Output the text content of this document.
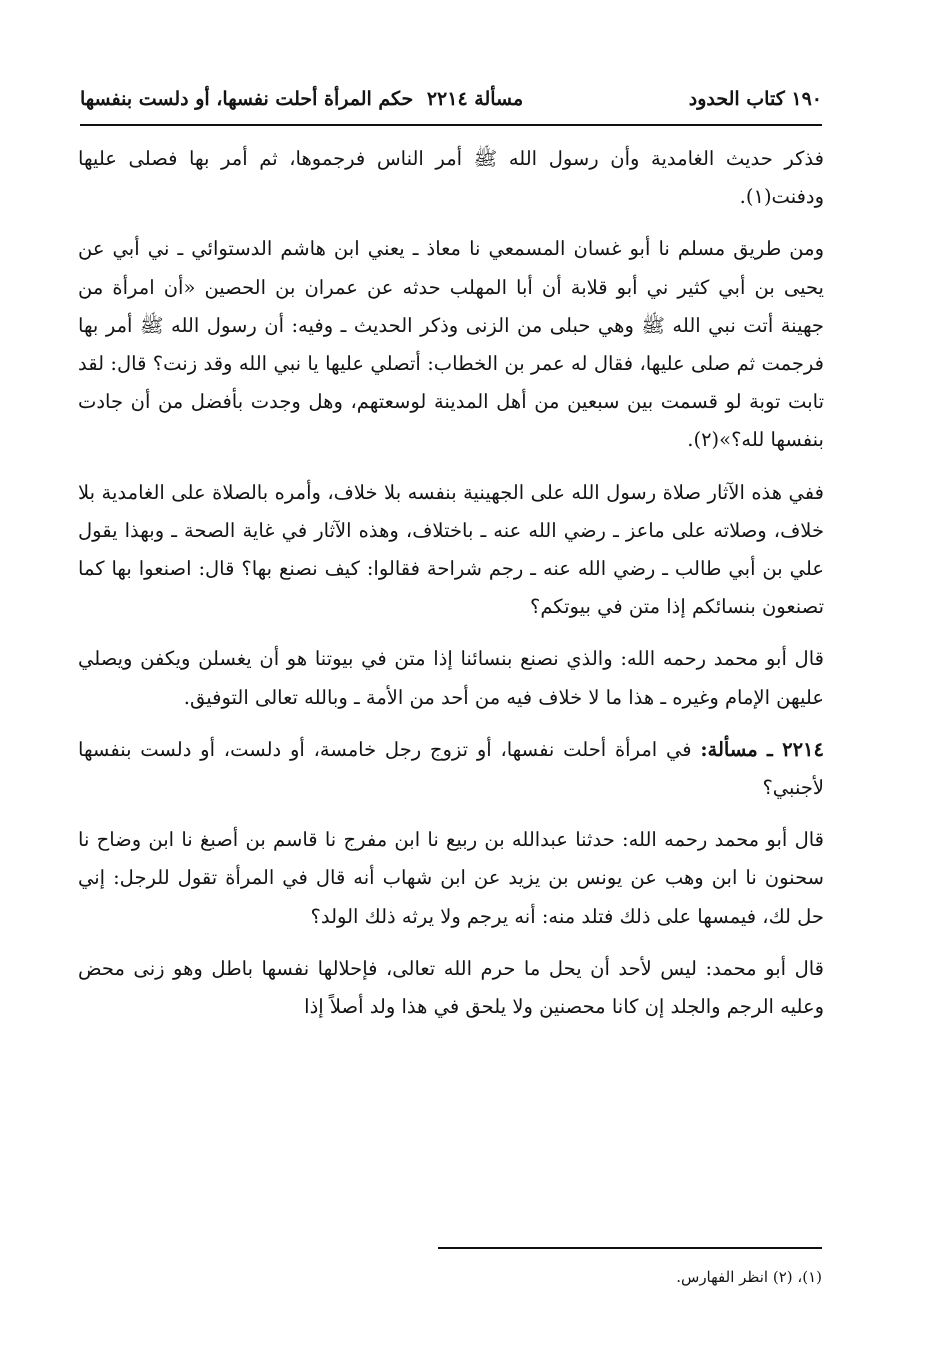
١٩٠ كتاب الحدود
مسألة ٢٢١٤
حكم المرأة أحلت نفسها، أو دلست بنفسها

فذكر حديث الغامدية وأن رسول الله ﷺ أمر الناس فرجموها، ثم أمر بها فصلى عليها ودفنت(١).

ومن طريق مسلم نا أبو غسان المسمعي نا معاذ ـ يعني ابن هاشم الدستوائي ـ ني أبي عن يحيى بن أبي كثير ني أبو قلابة أن أبا المهلب حدثه عن عمران بن الحصين «أن امرأة من جهينة أتت نبي الله ﷺ وهي حبلى من الزنى وذكر الحديث ـ وفيه: أن رسول الله ﷺ أمر بها فرجمت ثم صلى عليها، فقال له عمر بن الخطاب: أتصلي عليها يا نبي الله وقد زنت؟ قال: لقد تابت توبة لو قسمت بين سبعين من أهل المدينة لوسعتهم، وهل وجدت بأفضل من أن جادت بنفسها لله؟»(٢).

ففي هذه الآثار صلاة رسول الله على الجهينية بنفسه بلا خلاف، وأمره بالصلاة على الغامدية بلا خلاف، وصلاته على ماعز ـ رضي الله عنه ـ باختلاف، وهذه الآثار في غاية الصحة ـ وبهذا يقول علي بن أبي طالب ـ رضي الله عنه ـ رجم شراحة فقالوا: كيف نصنع بها؟ قال: اصنعوا بها كما تصنعون بنسائكم إذا متن في بيوتكم؟

قال أبو محمد رحمه الله: والذي نصنع بنسائنا إذا متن في بيوتنا هو أن يغسلن ويكفن ويصلي عليهن الإمام وغيره ـ هذا ما لا خلاف فيه من أحد من الأمة ـ وبالله تعالى التوفيق.

٢٢١٤ ـ مسألة: في امرأة أحلت نفسها، أو تزوج رجل خامسة، أو دلست، أو دلست بنفسها لأجنبي؟

قال أبو محمد رحمه الله: حدثنا عبدالله بن ربيع نا ابن مفرج نا قاسم بن أصبغ نا ابن وضاح نا سحنون نا ابن وهب عن يونس بن يزيد عن ابن شهاب أنه قال في المرأة تقول للرجل: إني حل لك، فيمسها على ذلك فتلد منه: أنه يرجم ولا يرثه ذلك الولد؟

قال أبو محمد: ليس لأحد أن يحل ما حرم الله تعالى، فإحلالها نفسها باطل وهو زنى محض وعليه الرجم والجلد إن كانا محصنين ولا يلحق في هذا ولد أصلاً إذا

(١)، (٢) انظر الفهارس.
